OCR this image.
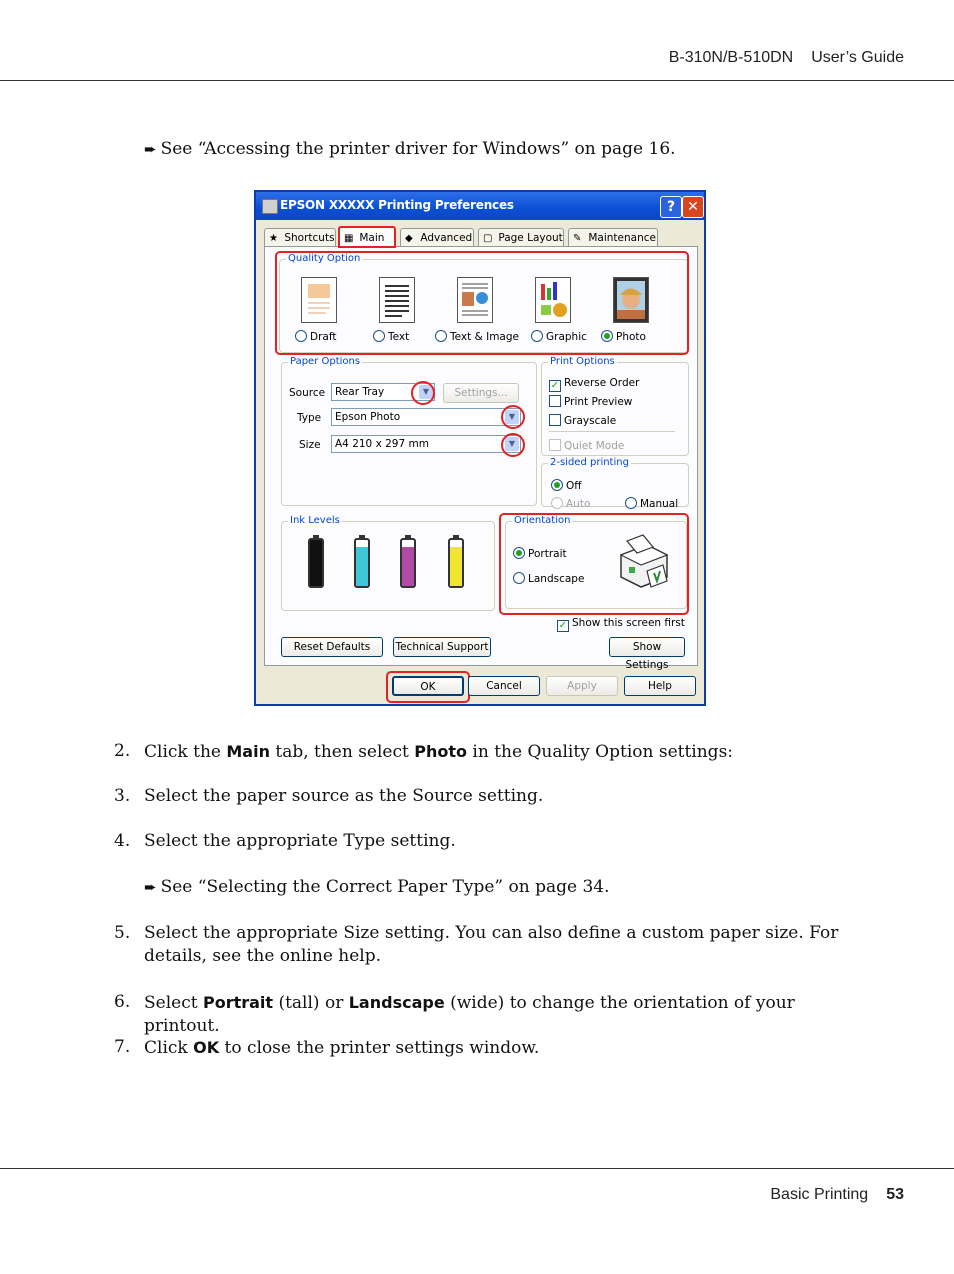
B-310N/B-510DN User’s Guide
➨ See “Accessing the printer driver for Windows” on page 16.
EPSON XXXXX Printing Preferences	? ✕
★ Shortcuts ▦ Main	◆ Advanced	▢ Page Layout	✎ Maintenance
Quality Option
Draft	Text	Text & Image	Graphic	Photo
Paper Options
Source Rear Tray	▼	Settings...
Type	Epson Photo	▼
Size	A4 210 x 297 mm	▼
Print Options
✓ Reverse Order
Print Preview
Grayscale
Quiet Mode
2-sided printing
Off
Auto	Manual
Ink Levels	Orientation
Portrait
Landscape
✓ Show this screen first
Reset Defaults	Technical Support	Show Settings
OK	Cancel	Apply	Help
2. Click the Main tab, then select Photo in the Quality Option settings:
3. Select the paper source as the Source setting.
4. Select the appropriate Type setting.
➨ See “Selecting the Correct Paper Type” on page 34.
5. Select the appropriate Size setting. You can also define a custom paper size. For details, see the online help.
6. Select Portrait (tall) or Landscape (wide) to change the orientation of your printout.
7. Click OK to close the printer settings window.
Basic Printing 53
